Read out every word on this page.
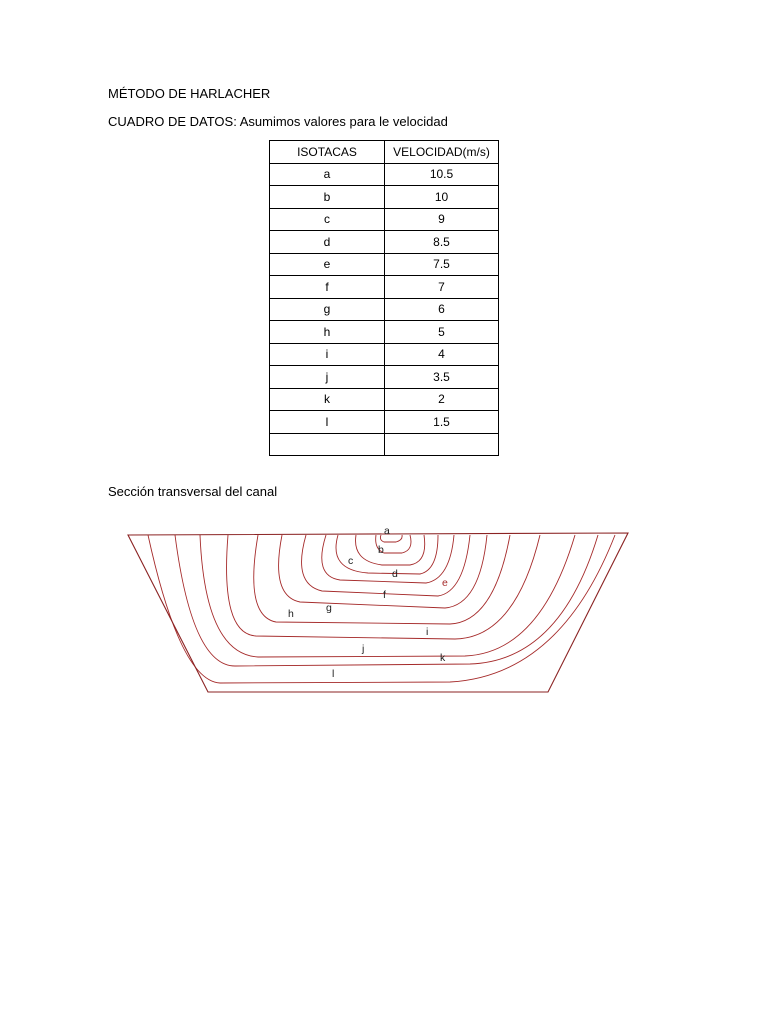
MÉTODO DE HARLACHER
CUADRO DE DATOS: Asumimos valores para le velocidad
ISOTACAS	VELOCIDAD(m/s)
a	10.5
b	10
c	9
d	8.5
e	7.5
f	7
g	6
h	5
i	4
j	3.5
k	2
l	1.5

Sección transversal del canal
a
b
c
d
e
f
g
h
i
j
k
l
